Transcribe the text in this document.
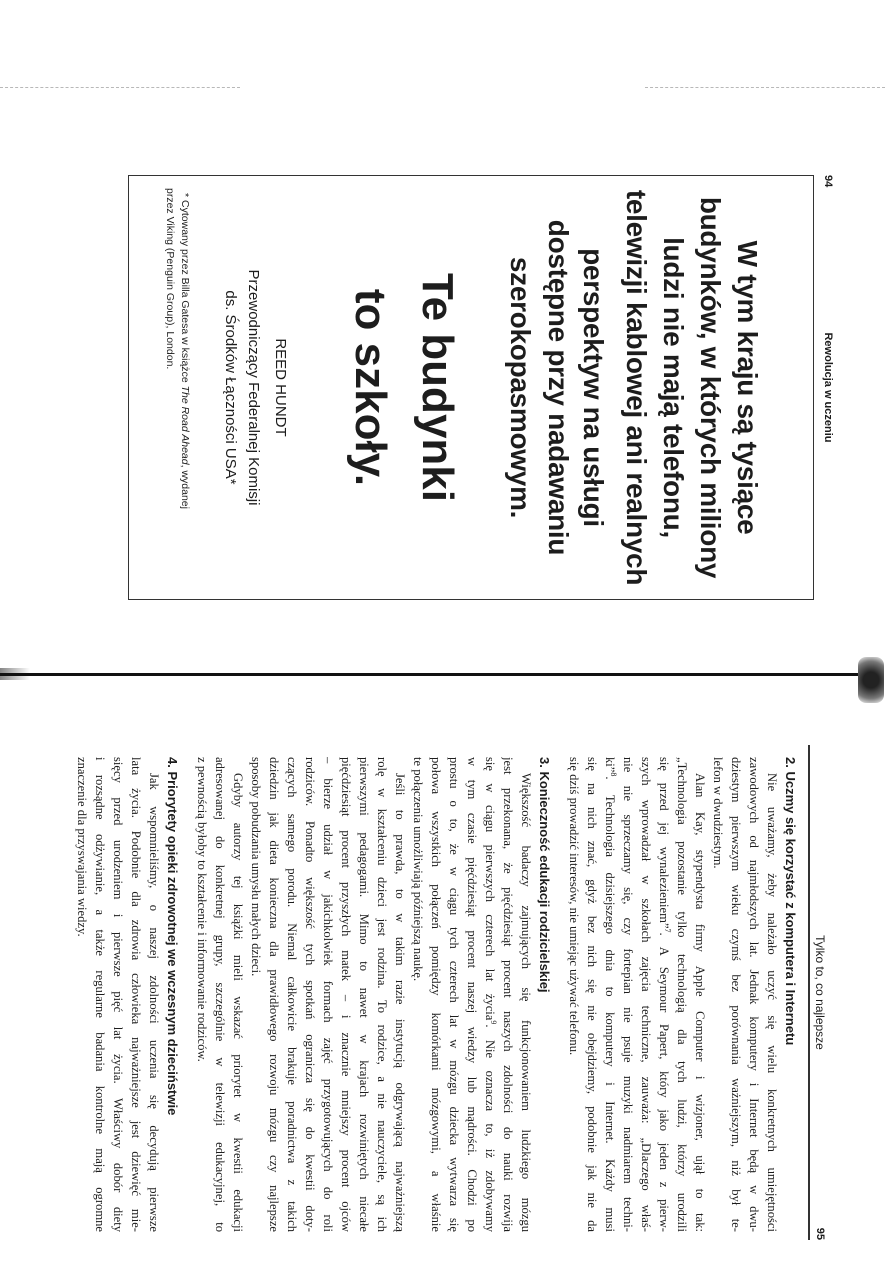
94
Rewolucja w uczeniu
W tym kraju są tysiące
budynków, w których miliony
ludzi nie mają telefonu,
telewizji kablowej ani realnych
perspektyw na usługi
dostępne przy nadawaniu
szerokopasmowym.
Te budynki
to szkoły.
REED HUNDT
Przewodniczący Federalnej Komisji
ds. Środków Łączności USA*
* Cytowany przez Billa Gatesa w książce The Road Ahead, wydanej
przez Viking (Penguin Group), London.
Tylko to, co najlepsze
95
2. Uczmy się korzystać z komputera i Internetu
Nie uważamy, żeby należało uczyć się wielu konkretnych umiejętności
zawodowych od najmłodszych lat. Jednak komputery i Internet będą w dwu-
dziestym pierwszym wieku czymś bez porównania ważniejszym, niż był te-
lefon w dwudziestym.
Alan Kay, stypendysta firmy Apple Computer i wizjoner, ujął to tak:
„Technologia pozostanie tylko technologią dla tych ludzi, którzy urodzili
się przed jej wynalezieniem”$^7$. A Seymour Papert, który jako jeden z pierw-
szych wprowadzał w szkołach zajęcia techniczne, zauważa: „Dlaczego właś-
nie nie sprzeczamy się, czy fortepian nie psuje muzyki nadmiarem techni-
ki”$^8$. Technologia dzisiejszego dnia to komputery i Internet. Każdy musi
się na nich znać, gdyż bez nich się nie obejdziemy, podobnie jak nie da
się dziś prowadzić interesów, nie umiejąc używać telefonu.
3. Konieczność edukacji rodzicielskiej
Większość badaczy zajmujących się funkcjonowaniem ludzkiego mózgu
jest przekonana, że pięćdziesiąt procent naszych zdolności do nauki rozwija
się w ciągu pierwszych czterech lat życia$^9$. Nie oznacza to, iż zdobywamy
w tym czasie pięćdziesiąt procent naszej wiedzy lub mądrości. Chodzi po
prostu o to, że w ciągu tych czterech lat w mózgu dziecka wytwarza się
połowa wszystkich połączeń pomiędzy komórkami mózgowymi, a właśnie
te połączenia umożliwiają późniejszą naukę.
Jeśli to prawda, to w takim razie instytucją odgrywającą najważniejszą
rolę w kształceniu dzieci jest rodzina. To rodzice, a nie nauczyciele, są ich
pierwszymi pedagogami. Mimo to nawet w krajach rozwiniętych niecałe
pięćdziesiąt procent przyszłych matek – i znacznie mniejszy procent ojców
– bierze udział w jakichkolwiek formach zajęć przygotowujących do roli
rodziców. Ponadto większość tych spotkań ogranicza się do kwestii doty-
czących samego porodu. Niemal całkowicie brakuje poradnictwa z takich
dziedzin jak dieta konieczna dla prawidłowego rozwoju mózgu czy najlepsze
sposoby pobudzania umysłu małych dzieci.
Gdyby autorzy tej książki mieli wskazać priorytet w kwestii edukacji
adresowanej do konkretnej grupy, szczególnie w telewizji edukacyjnej, to
z pewnością byłoby to kształcenie i informowanie rodziców.
4. Priorytety opieki zdrowotnej we wczesnym dzieciństwie
Jak wspomnieliśmy, o naszej zdolności uczenia się decydują pierwsze
lata życia. Podobnie dla zdrowia człowieka najważniejsze jest dziewięć mie-
sięcy przed urodzeniem i pierwsze pięć lat życia. Właściwy dobór diety
i rozsądne odżywianie, a także regularne badania kontrolne mają ogromne
znaczenie dla przyswajania wiedzy.
